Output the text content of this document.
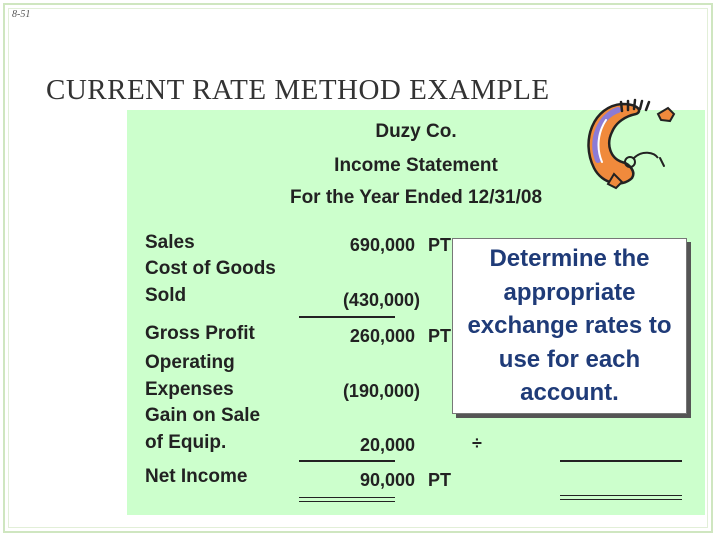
8-51
CURRENT RATE METHOD EXAMPLE
Duzy Co.
Income Statement
For the Year Ended 12/31/08
Sales
Cost of Goods Sold
Gross Profit
Operating Expenses
Gain on Sale of Equip.
Net Income
690,000
(430,000)
260,000
(190,000)
20,000
90,000
PT
PT
÷
PT
Determine the appropriate exchange rates to use for each account.
